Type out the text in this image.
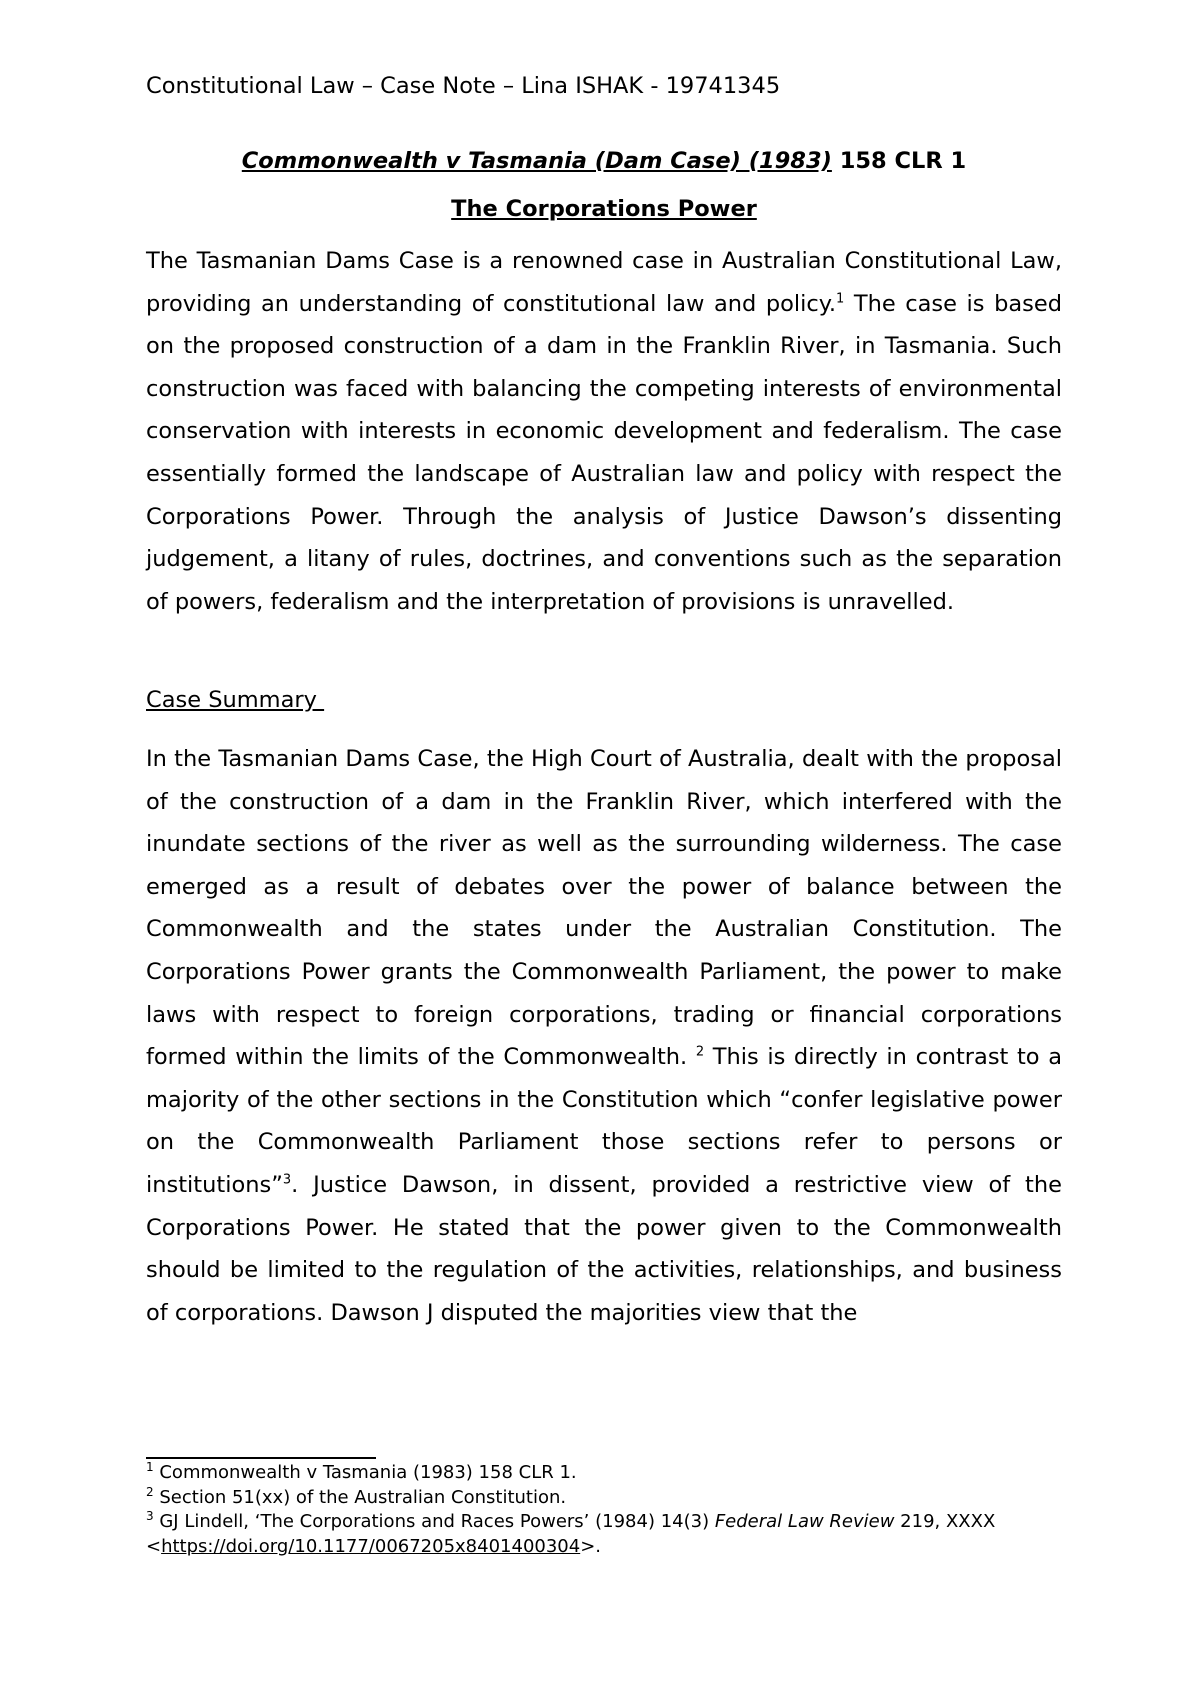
Constitutional Law – Case Note – Lina ISHAK - 19741345
Commonwealth v Tasmania (Dam Case) (1983) 158 CLR 1
The Corporations Power

The Tasmanian Dams Case is a renowned case in Australian Constitutional Law, providing an understanding of constitutional law and policy.$^1$ The case is based on the proposed construction of a dam in the Franklin River, in Tasmania. Such construction was faced with balancing the competing interests of environmental conservation with interests in economic development and federalism. The case essentially formed the landscape of Australian law and policy with respect the Corporations Power. Through the analysis of Justice Dawson’s dissenting judgement, a litany of rules, doctrines, and conventions such as the separation of powers, federalism and the interpretation of provisions is unravelled.

Case Summary

In the Tasmanian Dams Case, the High Court of Australia, dealt with the proposal of the construction of a dam in the Franklin River, which interfered with the inundate sections of the river as well as the surrounding wilderness. The case emerged as a result of debates over the power of balance between the Commonwealth and the states under the Australian Constitution. The Corporations Power grants the Commonwealth Parliament, the power to make laws with respect to foreign corporations, trading or financial corporations formed within the limits of the Commonwealth. $^2$ This is directly in contrast to a majority of the other sections in the Constitution which “confer legislative power on the Commonwealth Parliament those sections refer to persons or institutions”$^3$. Justice Dawson, in dissent, provided a restrictive view of the Corporations Power. He stated that the power given to the Commonwealth should be limited to the regulation of the activities, relationships, and business of corporations. Dawson J disputed the majorities view that the

$^1$ Commonwealth v Tasmania (1983) 158 CLR 1.
$^2$ Section 51(xx) of the Australian Constitution.
$^3$ GJ Lindell, ‘The Corporations and Races Powers’ (1984) 14(3) Federal Law Review 219, XXXX <https://doi.org/10.1177/0067205x8401400304>.
